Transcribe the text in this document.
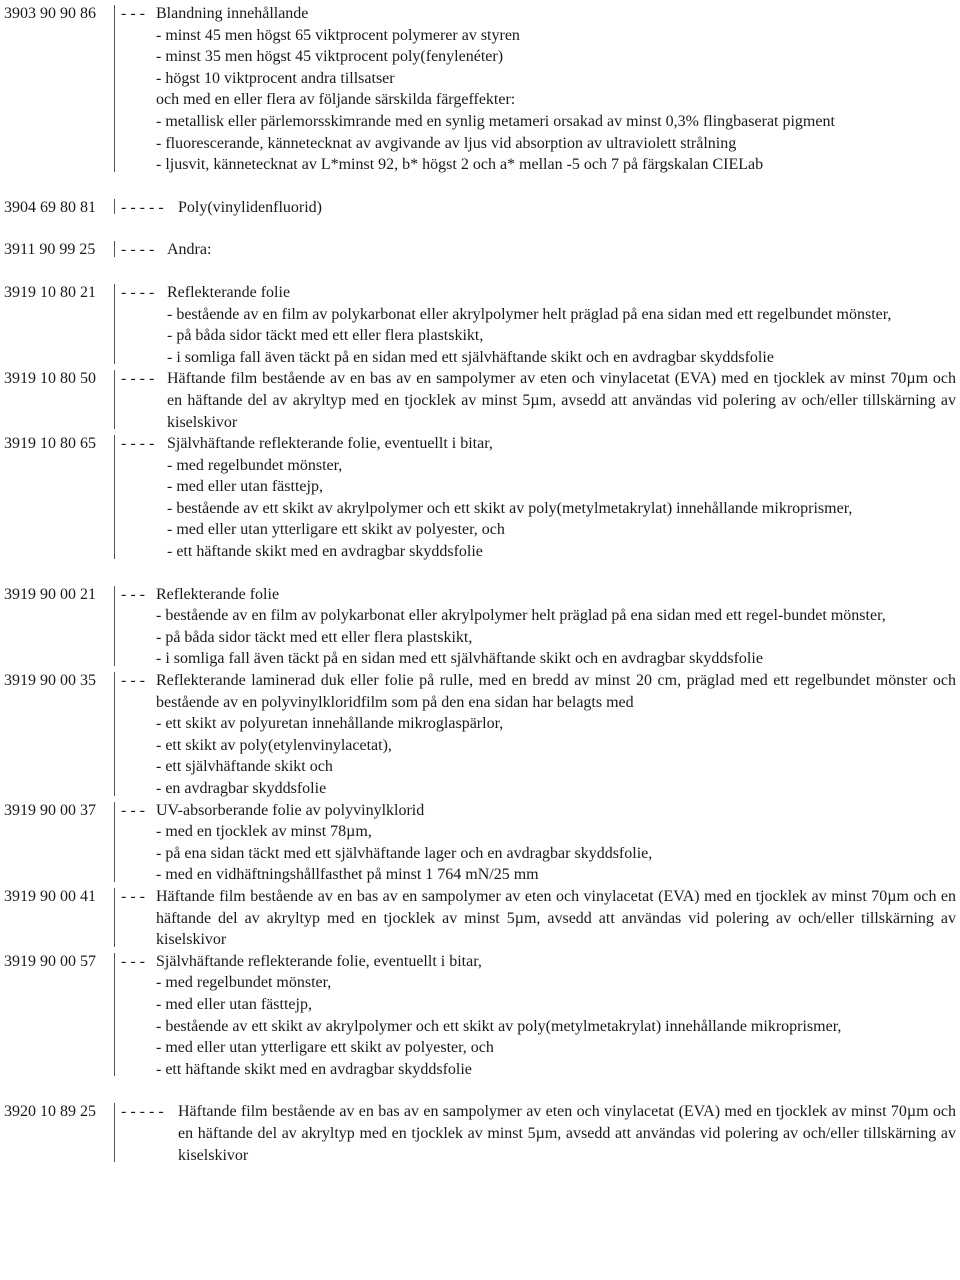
3903 90 90 86	- - - Blandning innehållande
- minst 45 men högst 65 viktprocent polymerer av styren
- minst 35 men högst 45 viktprocent poly(fenylenéter)
- högst 10 viktprocent andra tillsatser
och med en eller flera av följande särskilda färgeffekter:
- metallisk eller pärlemorsskimrande med en synlig metameri orsakad av minst 0,3% flingbaserat pigment
- fluorescerande, kännetecknat av avgivande av ljus vid absorption av ultraviolett strålning
- ljusvit, kännetecknat av L*minst 92, b* högst 2 och a* mellan -5 och 7 på färgskalan CIELab
3904 69 80 81	- - - - - Poly(vinylidenfluorid)
3911 90 99 25	- - - - Andra:
3919 10 80 21	- - - - Reflekterande folie
- bestående av en film av polykarbonat eller akrylpolymer helt präglad på ena sidan med ett regelbundet mönster,
- på båda sidor täckt med ett eller flera plastskikt,
- i somliga fall även täckt på en sidan med ett självhäftande skikt och en avdragbar skyddsfolie
3919 10 80 50	- - - - Häftande film bestående av en bas av en sampolymer av eten och vinylacetat (EVA) med en tjocklek av minst 70µm och en häftande del av akryltyp med en tjocklek av minst 5µm, avsedd att användas vid polering av och/eller tillskärning av kiselskivor
3919 10 80 65	- - - - Självhäftande reflekterande folie, eventuellt i bitar,
- med regelbundet mönster,
- med eller utan fästtejp,
- bestående av ett skikt av akrylpolymer och ett skikt av poly(metylmetakrylat) innehållande mikroprismer,
- med eller utan ytterligare ett skikt av polyester, och
- ett häftande skikt med en avdragbar skyddsfolie
3919 90 00 21	- - - Reflekterande folie
- bestående av en film av polykarbonat eller akrylpolymer helt präglad på ena sidan med ett regel-bundet mönster,
- på båda sidor täckt med ett eller flera plastskikt,
- i somliga fall även täckt på en sidan med ett självhäftande skikt och en avdragbar skyddsfolie
3919 90 00 35	- - - Reflekterande laminerad duk eller folie på rulle, med en bredd av minst 20 cm, präglad med ett regelbundet mönster och bestående av en polyvinylkloridfilm som på den ena sidan har belagts med
- ett skikt av polyuretan innehållande mikroglaspärlor,
- ett skikt av poly(etylenvinylacetat),
- ett självhäftande skikt och
- en avdragbar skyddsfolie
3919 90 00 37	- - - UV-absorberande folie av polyvinylklorid
- med en tjocklek av minst 78µm,
- på ena sidan täckt med ett självhäftande lager och en avdragbar skyddsfolie,
- med en vidhäftningshållfasthet på minst 1 764 mN/25 mm
3919 90 00 41	- - - Häftande film bestående av en bas av en sampolymer av eten och vinylacetat (EVA) med en tjocklek av minst 70µm och en häftande del av akryltyp med en tjocklek av minst 5µm, avsedd att användas vid polering av och/eller tillskärning av kiselskivor
3919 90 00 57	- - - Självhäftande reflekterande folie, eventuellt i bitar,
- med regelbundet mönster,
- med eller utan fästtejp,
- bestående av ett skikt av akrylpolymer och ett skikt av poly(metylmetakrylat) innehållande mikroprismer,
- med eller utan ytterligare ett skikt av polyester, och
- ett häftande skikt med en avdragbar skyddsfolie
3920 10 89 25	- - - - - Häftande film bestående av en bas av en sampolymer av eten och vinylacetat (EVA) med en tjocklek av minst 70µm och en häftande del av akryltyp med en tjocklek av minst 5µm, avsedd att användas vid polering av och/eller tillskärning av kiselskivor
